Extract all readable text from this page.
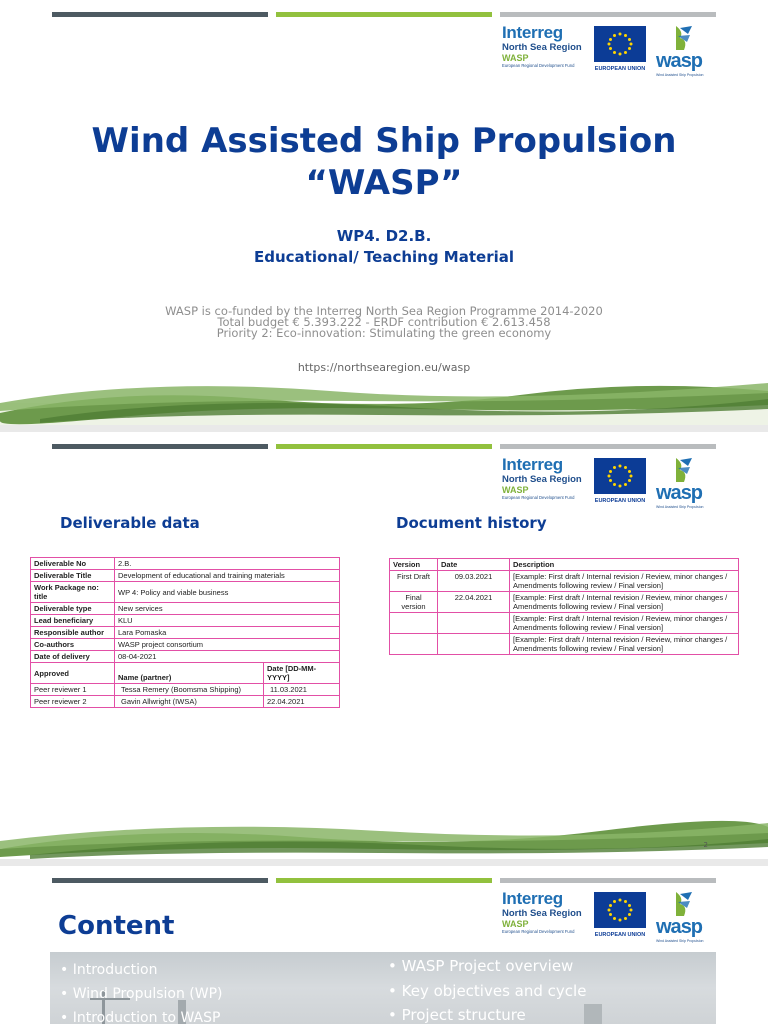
Interreg
North Sea Region
WASP
European Regional Development Fund
EUROPEAN UNION wasp
Wind Assisted Ship Propulsion
Wind Assisted Ship Propulsion
“WASP”
WP4. D2.B.
Educational/ Teaching Material
WASP is co-funded by the Interreg North Sea Region Programme 2014-2020
Total budget € 5.393.222 - ERDF contribution € 2.613.458
Priority 2: Eco-innovation: Stimulating the green economy
https://northsearegion.eu/wasp
Interreg
North Sea Region
WASP
European Regional Development Fund
EUROPEAN UNION wasp
Wind Assisted Ship Propulsion
Deliverable data	Document history
Deliverable No	2.B.	
Deliverable Title	Development of educational and training materials	
Work Package no: title	WP 4: Policy and viable business	
Deliverable type	New services	
Lead beneficiary	KLU	
Responsible author	Lara Pomaska	
Co-authors	WASP project consortium	
Date of delivery	08-04-2021	
Approved	Name (partner)	Date [DD-MM-YYYY]
Peer reviewer 1	Tessa Remery (Boomsma Shipping)	11.03.2021
Peer reviewer 2	Gavin Allwright (IWSA)	22.04.2021
Version	Date	Description
First Draft	09.03.2021	[Example: First draft / Internal revision / Review, minor changes / Amendments following review / Final version]
Final version	22.04.2021	[Example: First draft / Internal revision / Review, minor changes / Amendments following review / Final version]
		[Example: First draft / Internal revision / Review, minor changes / Amendments following review / Final version]
		[Example: First draft / Internal revision / Review, minor changes / Amendments following review / Final version]
2
Interreg
North Sea Region
WASP
European Regional Development Fund
EUROPEAN UNION wasp
Wind Assisted Ship Propulsion
Content
• Introduction
• Wind Propulsion (WP)
• Introduction to WASP
• WASP Project overview
• Key objectives and cycle
• Project structure
